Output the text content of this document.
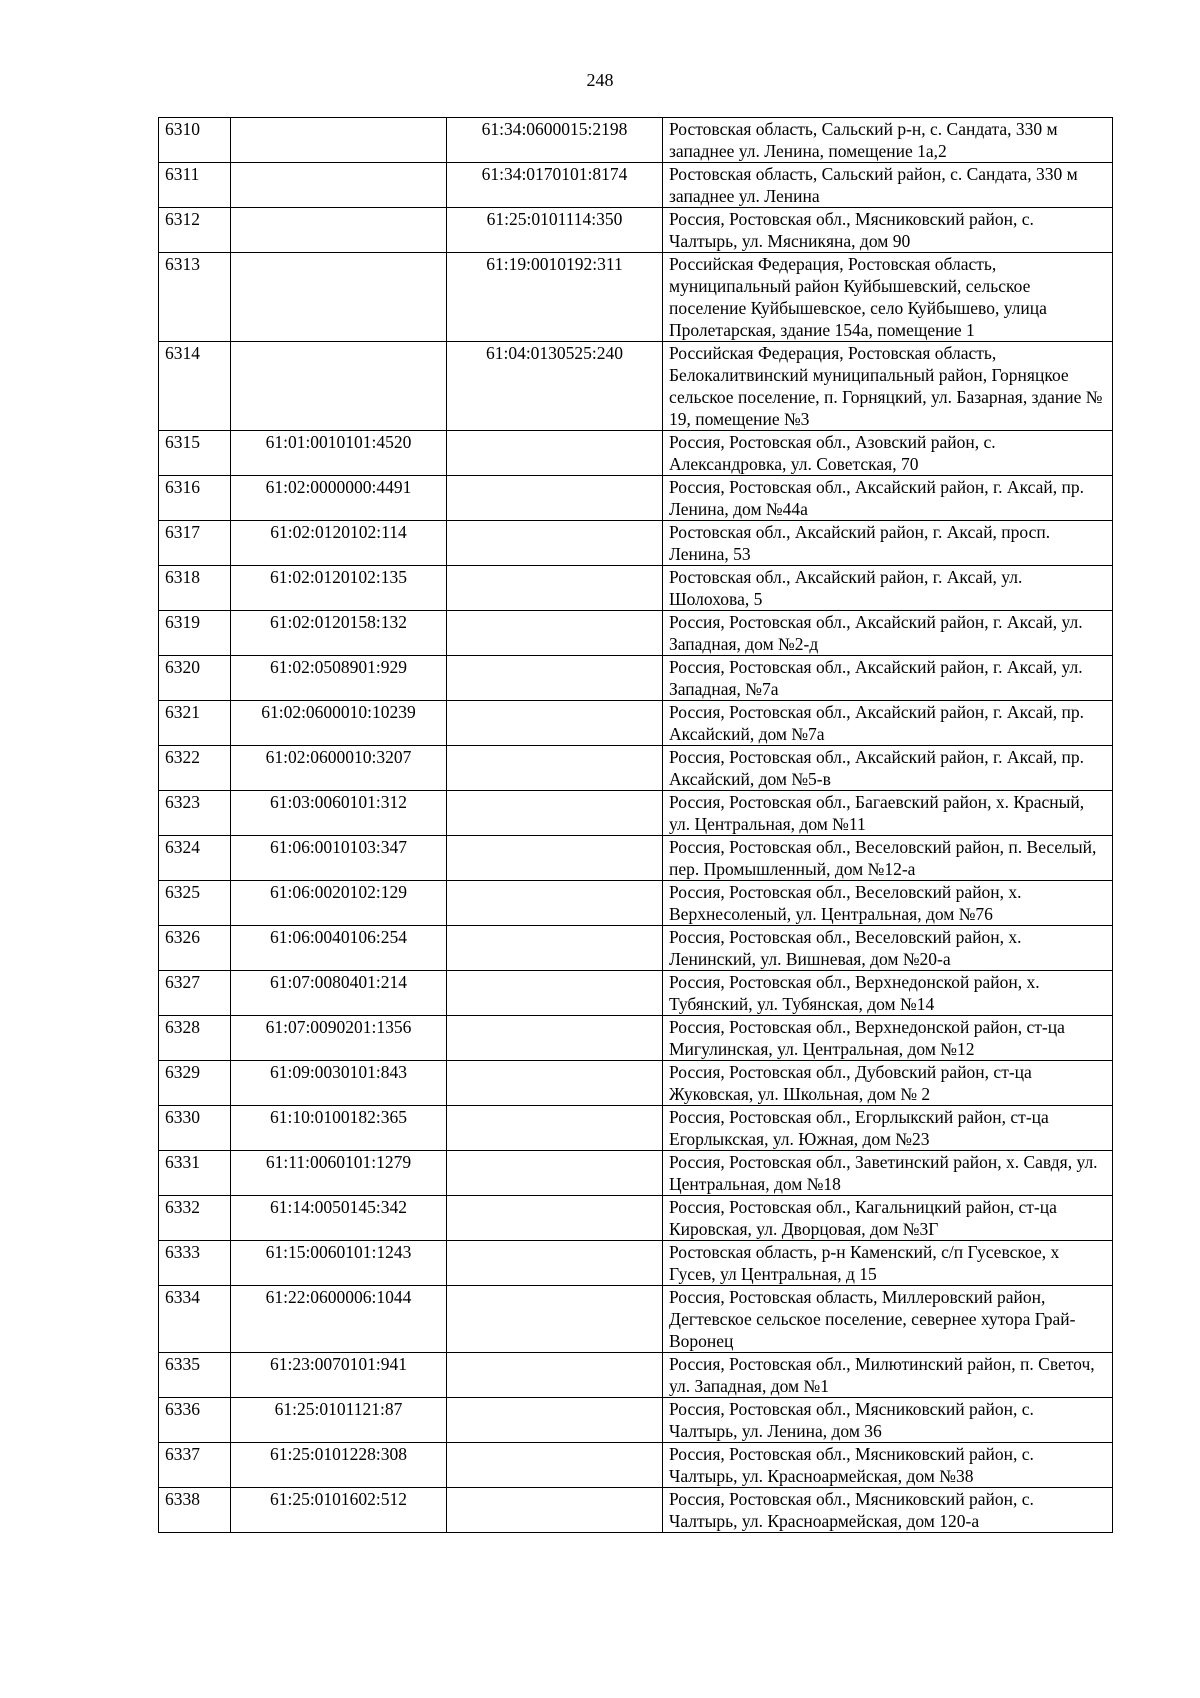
248
6310		61:34:0600015:2198	Ростовская область, Сальский р-н, с. Сандата, 330 м западнее ул. Ленина, помещение 1а,2
6311		61:34:0170101:8174	Ростовская область, Сальский район, с. Сандата, 330 м западнее ул. Ленина
6312		61:25:0101114:350	Россия, Ростовская обл., Мясниковский район, с. Чалтырь, ул. Мясникяна, дом 90
6313		61:19:0010192:311	Российская Федерация, Ростовская область, муниципальный район Куйбышевский, сельское поселение Куйбышевское, село Куйбышево, улица Пролетарская, здание 154а, помещение 1
6314		61:04:0130525:240	Российская Федерация, Ростовская область, Белокалитвинский муниципальный район, Горняцкое сельское поселение, п. Горняцкий, ул. Базарная, здание № 19, помещение №3
6315	61:01:0010101:4520		Россия, Ростовская обл., Азовский район, с. Александровка, ул. Советская, 70
6316	61:02:0000000:4491		Россия, Ростовская обл., Аксайский район, г. Аксай, пр. Ленина, дом №44а
6317	61:02:0120102:114		Ростовская обл., Аксайский район, г. Аксай, просп. Ленина, 53
6318	61:02:0120102:135		Ростовская обл., Аксайский район, г. Аксай, ул. Шолохова, 5
6319	61:02:0120158:132		Россия, Ростовская обл., Аксайский район, г. Аксай, ул. Западная, дом №2-д
6320	61:02:0508901:929		Россия, Ростовская обл., Аксайский район, г. Аксай, ул. Западная, №7а
6321	61:02:0600010:10239		Россия, Ростовская обл., Аксайский район, г. Аксай, пр. Аксайский, дом №7а
6322	61:02:0600010:3207		Россия, Ростовская обл., Аксайский район, г. Аксай, пр. Аксайский, дом №5-в
6323	61:03:0060101:312		Россия, Ростовская обл., Багаевский район, х. Красный, ул. Центральная, дом №11
6324	61:06:0010103:347		Россия, Ростовская обл., Веселовский район, п. Веселый, пер. Промышленный, дом №12-а
6325	61:06:0020102:129		Россия, Ростовская обл., Веселовский район, х. Верхнесоленый, ул. Центральная, дом №76
6326	61:06:0040106:254		Россия, Ростовская обл., Веселовский район, х. Ленинский, ул. Вишневая, дом №20-а
6327	61:07:0080401:214		Россия, Ростовская обл., Верхнедонской район, х. Тубянский, ул. Тубянская, дом №14
6328	61:07:0090201:1356		Россия, Ростовская обл., Верхнедонской район, ст-ца Мигулинская, ул. Центральная, дом №12
6329	61:09:0030101:843		Россия, Ростовская обл., Дубовский район, ст-ца Жуковская, ул. Школьная, дом № 2
6330	61:10:0100182:365		Россия, Ростовская обл., Егорлыкский район, ст-ца Егорлыкская, ул. Южная, дом №23
6331	61:11:0060101:1279		Россия, Ростовская обл., Заветинский район, х. Савдя, ул. Центральная, дом №18
6332	61:14:0050145:342		Россия, Ростовская обл., Кагальницкий район, ст-ца Кировская, ул. Дворцовая, дом №3Г
6333	61:15:0060101:1243		Ростовская область, р-н Каменский, с/п Гусевское, х Гусев, ул Центральная, д 15
6334	61:22:0600006:1044		Россия, Ростовская область, Миллеровский район, Дегтевское сельское поселение, севернее хутора Грай-Воронец
6335	61:23:0070101:941		Россия, Ростовская обл., Милютинский район, п. Светоч, ул. Западная, дом №1
6336	61:25:0101121:87		Россия, Ростовская обл., Мясниковский район, с. Чалтырь, ул. Ленина, дом 36
6337	61:25:0101228:308		Россия, Ростовская обл., Мясниковский район, с. Чалтырь, ул. Красноармейская, дом №38
6338	61:25:0101602:512		Россия, Ростовская обл., Мясниковский район, с. Чалтырь, ул. Красноармейская, дом 120-а
